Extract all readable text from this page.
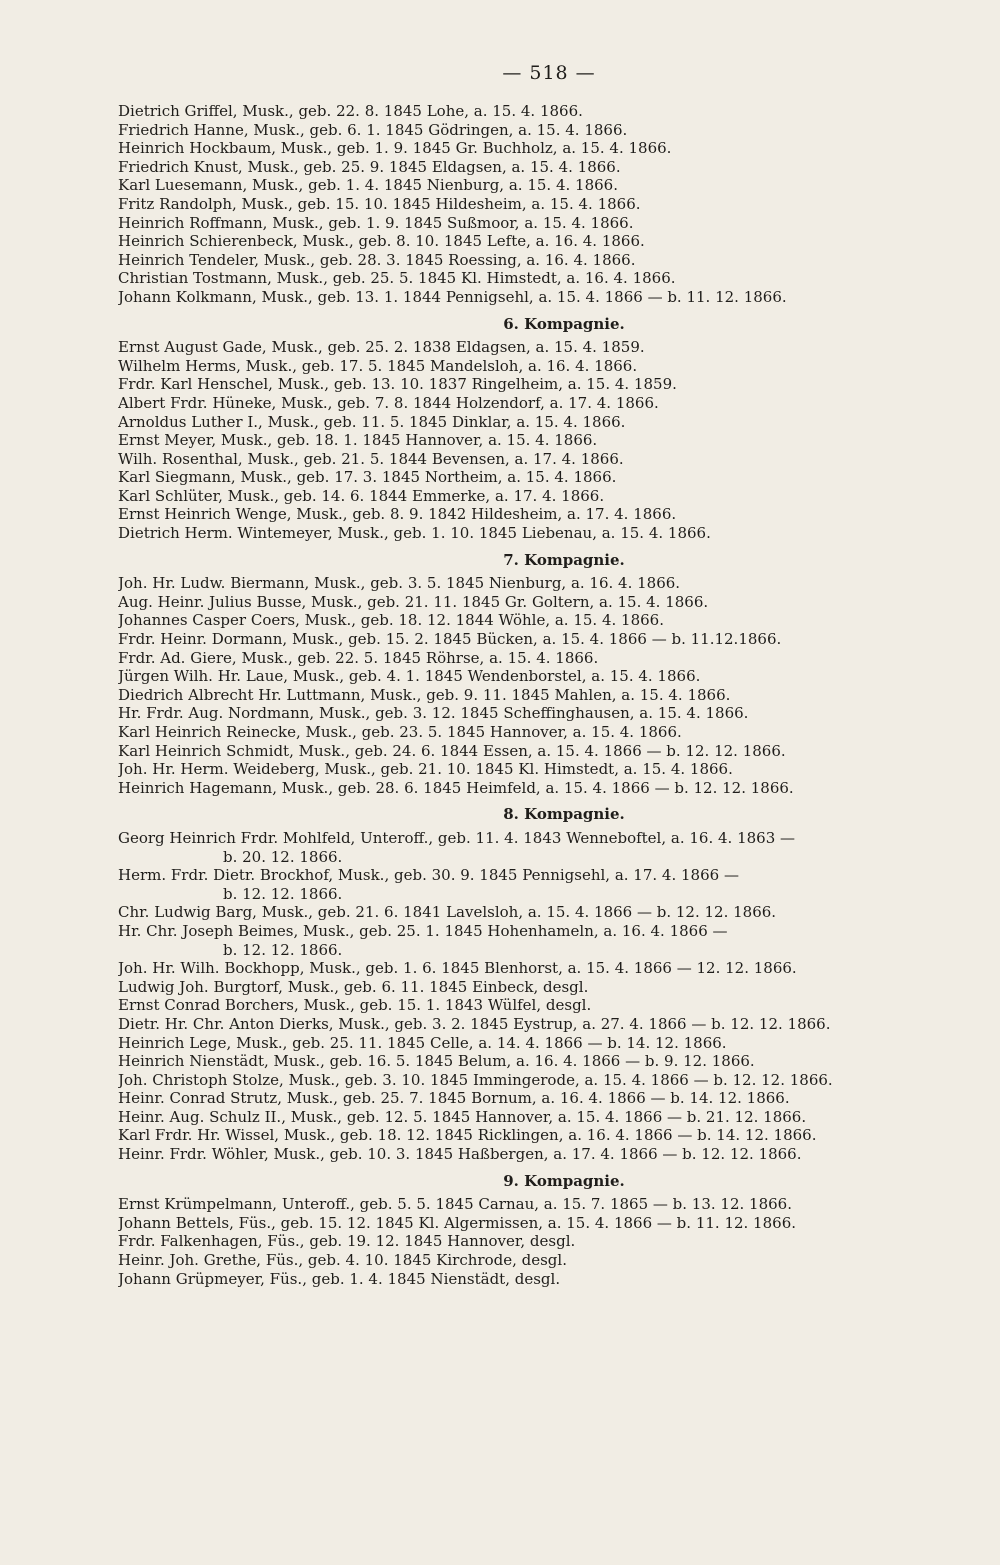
— 518 —
Dietrich Griffel, Musk., geb. 22. 8. 1845 Lohe, a. 15. 4. 1866.
Friedrich Hanne, Musk., geb. 6. 1. 1845 Gödringen, a. 15. 4. 1866.
Heinrich Hockbaum, Musk., geb. 1. 9. 1845 Gr. Buchholz, a. 15. 4. 1866.
Friedrich Knust, Musk., geb. 25. 9. 1845 Eldagsen, a. 15. 4. 1866.
Karl Luesemann, Musk., geb. 1. 4. 1845 Nienburg, a. 15. 4. 1866.
Fritz Randolph, Musk., geb. 15. 10. 1845 Hildesheim, a. 15. 4. 1866.
Heinrich Roffmann, Musk., geb. 1. 9. 1845 Sußmoor, a. 15. 4. 1866.
Heinrich Schierenbeck, Musk., geb. 8. 10. 1845 Lefte, a. 16. 4. 1866.
Heinrich Tendeler, Musk., geb. 28. 3. 1845 Roessing, a. 16. 4. 1866.
Christian Tostmann, Musk., geb. 25. 5. 1845 Kl. Himstedt, a. 16. 4. 1866.
Johann Kolkmann, Musk., geb. 13. 1. 1844 Pennigsehl, a. 15. 4. 1866 — b. 11. 12. 1866.
6. Kompagnie.
Ernst August Gade, Musk., geb. 25. 2. 1838 Eldagsen, a. 15. 4. 1859.
Wilhelm Herms, Musk., geb. 17. 5. 1845 Mandelsloh, a. 16. 4. 1866.
Frdr. Karl Henschel, Musk., geb. 13. 10. 1837 Ringelheim, a. 15. 4. 1859.
Albert Frdr. Hüneke, Musk., geb. 7. 8. 1844 Holzendorf, a. 17. 4. 1866.
Arnoldus Luther I., Musk., geb. 11. 5. 1845 Dinklar, a. 15. 4. 1866.
Ernst Meyer, Musk., geb. 18. 1. 1845 Hannover, a. 15. 4. 1866.
Wilh. Rosenthal, Musk., geb. 21. 5. 1844 Bevensen, a. 17. 4. 1866.
Karl Siegmann, Musk., geb. 17. 3. 1845 Northeim, a. 15. 4. 1866.
Karl Schlüter, Musk., geb. 14. 6. 1844 Emmerke, a. 17. 4. 1866.
Ernst Heinrich Wenge, Musk., geb. 8. 9. 1842 Hildesheim, a. 17. 4. 1866.
Dietrich Herm. Wintemeyer, Musk., geb. 1. 10. 1845 Liebenau, a. 15. 4. 1866.
7. Kompagnie.
Joh. Hr. Ludw. Biermann, Musk., geb. 3. 5. 1845 Nienburg, a. 16. 4. 1866.
Aug. Heinr. Julius Busse, Musk., geb. 21. 11. 1845 Gr. Goltern, a. 15. 4. 1866.
Johannes Casper Coers, Musk., geb. 18. 12. 1844 Wöhle, a. 15. 4. 1866.
Frdr. Heinr. Dormann, Musk., geb. 15. 2. 1845 Bücken, a. 15. 4. 1866 — b. 11.12.1866.
Frdr. Ad. Giere, Musk., geb. 22. 5. 1845 Röhrse, a. 15. 4. 1866.
Jürgen Wilh. Hr. Laue, Musk., geb. 4. 1. 1845 Wendenborstel, a. 15. 4. 1866.
Diedrich Albrecht Hr. Luttmann, Musk., geb. 9. 11. 1845 Mahlen, a. 15. 4. 1866.
Hr. Frdr. Aug. Nordmann, Musk., geb. 3. 12. 1845 Scheffinghausen, a. 15. 4. 1866.
Karl Heinrich Reinecke, Musk., geb. 23. 5. 1845 Hannover, a. 15. 4. 1866.
Karl Heinrich Schmidt, Musk., geb. 24. 6. 1844 Essen, a. 15. 4. 1866 — b. 12. 12. 1866.
Joh. Hr. Herm. Weideberg, Musk., geb. 21. 10. 1845 Kl. Himstedt, a. 15. 4. 1866.
Heinrich Hagemann, Musk., geb. 28. 6. 1845 Heimfeld, a. 15. 4. 1866 — b. 12. 12. 1866.
8. Kompagnie.
Georg Heinrich Frdr. Mohlfeld, Unteroff., geb. 11. 4. 1843 Wenneboftel, a. 16. 4. 1863 —
b. 20. 12. 1866.
Herm. Frdr. Dietr. Brockhof, Musk., geb. 30. 9. 1845 Pennigsehl, a. 17. 4. 1866 —
b. 12. 12. 1866.
Chr. Ludwig Barg, Musk., geb. 21. 6. 1841 Lavelsloh, a. 15. 4. 1866 — b. 12. 12. 1866.
Hr. Chr. Joseph Beimes, Musk., geb. 25. 1. 1845 Hohenhameln, a. 16. 4. 1866 —
b. 12. 12. 1866.
Joh. Hr. Wilh. Bockhopp, Musk., geb. 1. 6. 1845 Blenhorst, a. 15. 4. 1866 — 12. 12. 1866.
Ludwig Joh. Burgtorf, Musk., geb. 6. 11. 1845 Einbeck, desgl.
Ernst Conrad Borchers, Musk., geb. 15. 1. 1843 Wülfel, desgl.
Dietr. Hr. Chr. Anton Dierks, Musk., geb. 3. 2. 1845 Eystrup, a. 27. 4. 1866 — b. 12. 12. 1866.
Heinrich Lege, Musk., geb. 25. 11. 1845 Celle, a. 14. 4. 1866 — b. 14. 12. 1866.
Heinrich Nienstädt, Musk., geb. 16. 5. 1845 Belum, a. 16. 4. 1866 — b. 9. 12. 1866.
Joh. Christoph Stolze, Musk., geb. 3. 10. 1845 Immingerode, a. 15. 4. 1866 — b. 12. 12. 1866.
Heinr. Conrad Strutz, Musk., geb. 25. 7. 1845 Bornum, a. 16. 4. 1866 — b. 14. 12. 1866.
Heinr. Aug. Schulz II., Musk., geb. 12. 5. 1845 Hannover, a. 15. 4. 1866 — b. 21. 12. 1866.
Karl Frdr. Hr. Wissel, Musk., geb. 18. 12. 1845 Ricklingen, a. 16. 4. 1866 — b. 14. 12. 1866.
Heinr. Frdr. Wöhler, Musk., geb. 10. 3. 1845 Haßbergen, a. 17. 4. 1866 — b. 12. 12. 1866.
9. Kompagnie.
Ernst Krümpelmann, Unteroff., geb. 5. 5. 1845 Carnau, a. 15. 7. 1865 — b. 13. 12. 1866.
Johann Bettels, Füs., geb. 15. 12. 1845 Kl. Algermissen, a. 15. 4. 1866 — b. 11. 12. 1866.
Frdr. Falkenhagen, Füs., geb. 19. 12. 1845 Hannover, desgl.
Heinr. Joh. Grethe, Füs., geb. 4. 10. 1845 Kirchrode, desgl.
Johann Grüpmeyer, Füs., geb. 1. 4. 1845 Nienstädt, desgl.
